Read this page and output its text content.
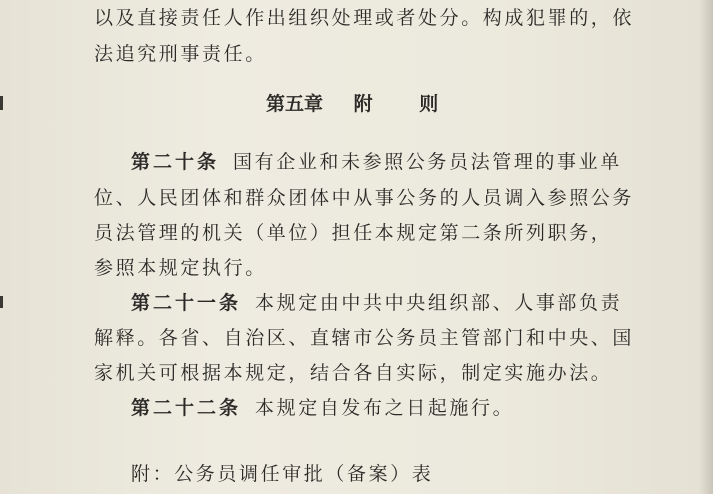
以及直接责任人作出组织处理或者处分。构成犯罪的，依
法追究刑事责任。
第五章 附 则
第二十条 国有企业和未参照公务员法管理的事业单
位、人民团体和群众团体中从事公务的人员调入参照公务
员法管理的机关（单位）担任本规定第二条所列职务，
参照本规定执行。
第二十一条 本规定由中共中央组织部、人事部负责
解释。各省、自治区、直辖市公务员主管部门和中央、国
家机关可根据本规定，结合各自实际，制定实施办法。
第二十二条 本规定自发布之日起施行。
附：公务员调任审批（备案）表
